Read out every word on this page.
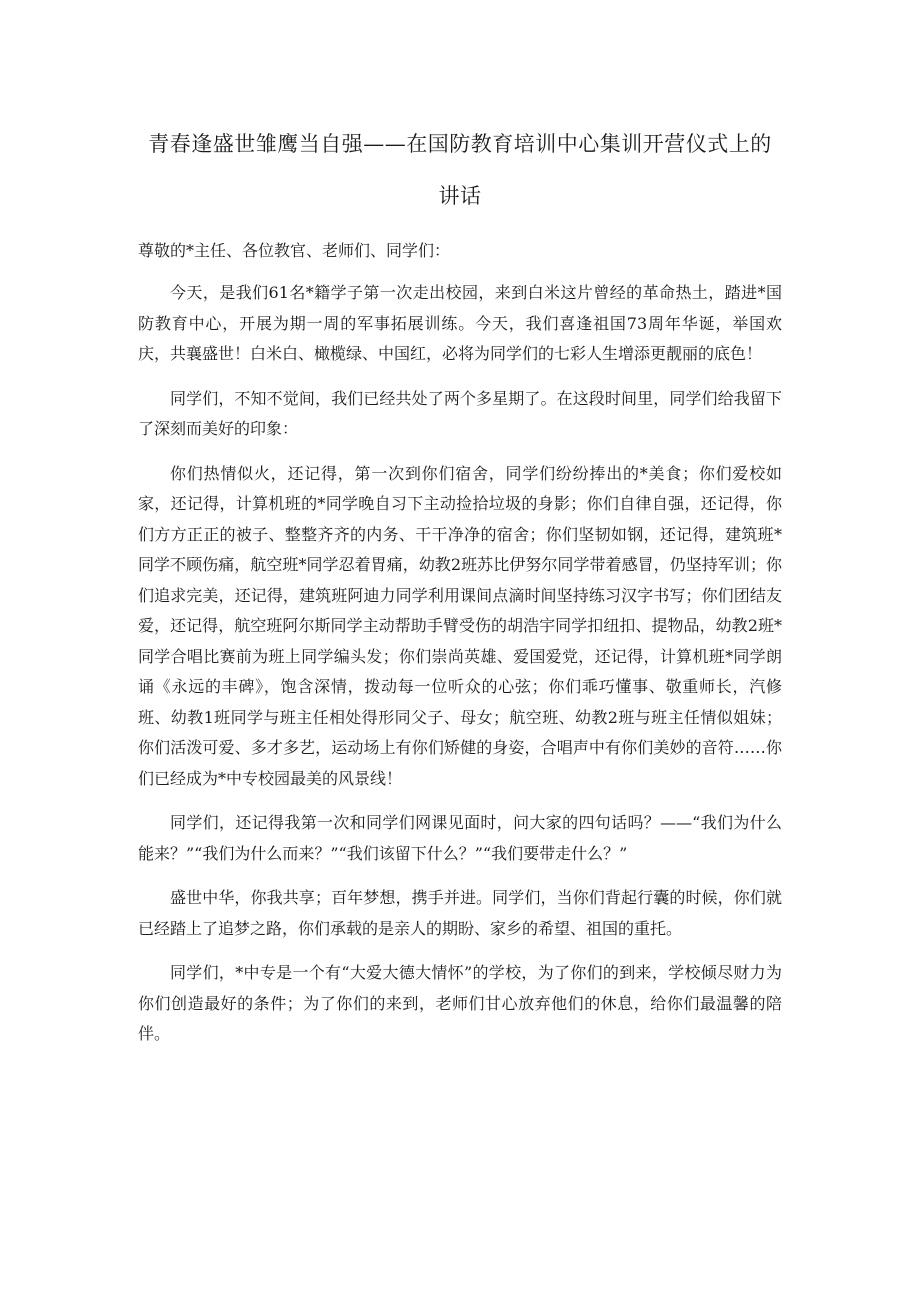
青春逢盛世雏鹰当自强——在国防教育培训中心集训开营仪式上的
讲话

尊敬的*主任、各位教官、老师们、同学们：

今天，是我们61名*籍学子第一次走出校园，来到白米这片曾经的革命热土，踏进*国防教育中心，开展为期一周的军事拓展训练。今天，我们喜逢祖国73周年华诞，举国欢庆，共襄盛世！白米白、橄榄绿、中国红，必将为同学们的七彩人生增添更靓丽的底色！

同学们，不知不觉间，我们已经共处了两个多星期了。在这段时间里，同学们给我留下了深刻而美好的印象：

你们热情似火，还记得，第一次到你们宿舍，同学们纷纷捧出的*美食；你们爱校如家，还记得，计算机班的*同学晚自习下主动捡拾垃圾的身影；你们自律自强，还记得，你们方方正正的被子、整整齐齐的内务、干干净净的宿舍；你们坚韧如钢，还记得，建筑班*同学不顾伤痛，航空班*同学忍着胃痛，幼教2班苏比伊努尔同学带着感冒，仍坚持军训；你们追求完美，还记得，建筑班阿迪力同学利用课间点滴时间坚持练习汉字书写；你们团结友爱，还记得，航空班阿尔斯同学主动帮助手臂受伤的胡浩宇同学扣纽扣、提物品，幼教2班*同学合唱比赛前为班上同学编头发；你们崇尚英雄、爱国爱党，还记得，计算机班*同学朗诵《永远的丰碑》，饱含深情，拨动每一位听众的心弦；你们乖巧懂事、敬重师长，汽修班、幼教1班同学与班主任相处得形同父子、母女；航空班、幼教2班与班主任情似姐妹；你们活泼可爱、多才多艺，运动场上有你们矫健的身姿，合唱声中有你们美妙的音符……你们已经成为*中专校园最美的风景线！

同学们，还记得我第一次和同学们网课见面时，问大家的四句话吗？——“我们为什么能来？”“我们为什么而来？”“我们该留下什么？”“我们要带走什么？”

盛世中华，你我共享；百年梦想，携手并进。同学们，当你们背起行囊的时候，你们就已经踏上了追梦之路，你们承载的是亲人的期盼、家乡的希望、祖国的重托。

同学们，*中专是一个有“大爱大德大情怀”的学校，为了你们的到来，学校倾尽财力为你们创造最好的条件；为了你们的来到，老师们甘心放弃他们的休息，给你们最温馨的陪伴。
